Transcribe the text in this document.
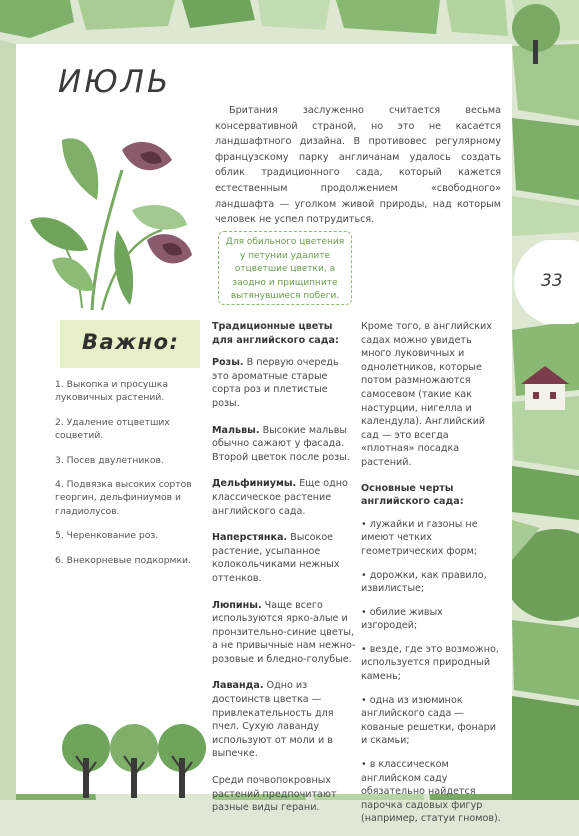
33
ИЮЛЬ

Британия заслуженно считается весьма консервативной страной, но это не касается ландшафтного дизайна. В противовес регулярному французскому парку англичанам удалось создать облик традиционного сада, который кажется естественным продолжением «свободного» ландшафта — уголком живой природы, над которым человек не успел потрудиться.

Для обильного цветения у петунии удалите отцветшие цветки, а заодно и прищипните вытянувшиеся побеги.
Важно:
1. Выкопка и просушка луковичных растений.
2. Удаление отцветших соцветий.
3. Посев двулетников.
4. Подвязка высоких сортов георгин, дельфиниумов и гладиолусов.
5. Черенкование роз.
6. Внекорневые подкормки.

Традиционные цветы для английского сада:

Розы. В первую очередь это ароматные старые сорта роз и плетистые розы.

Мальвы. Высокие мальвы обычно сажают у фасада. Второй цветок после розы.

Дельфиниумы. Еще одно классическое растение английского сада.

Наперстянка. Высокое растение, усыпанное колокольчиками нежных оттенков.

Люпины. Чаще всего используются ярко-алые и пронзительно-синие цветы, а не привычные нам нежно-розовые и бледно-голубые.

Лаванда. Одно из достоинств цветка — привлекательность для пчел. Сухую лаванду используют от моли и в выпечке.

Среди почвопокровных растений предпочитают разные виды герани.

Кроме того, в английских садах можно увидеть много луковичных и однолетников, которые потом размножаются самосевом (такие как настурции, нигелла и календула). Английский сад — это всегда «плотная» посадка растений.

Основные черты английского сада:

• лужайки и газоны не имеют четких геометрических форм;
• дорожки, как правило, извилистые;
• обилие живых изгородей;
• везде, где это возможно, используется природный камень;
• одна из изюминок английского сада — кованые решетки, фонари и скамьи;
• в классическом английском саду обязательно найдется парочка садовых фигур (например, статуи гномов).
